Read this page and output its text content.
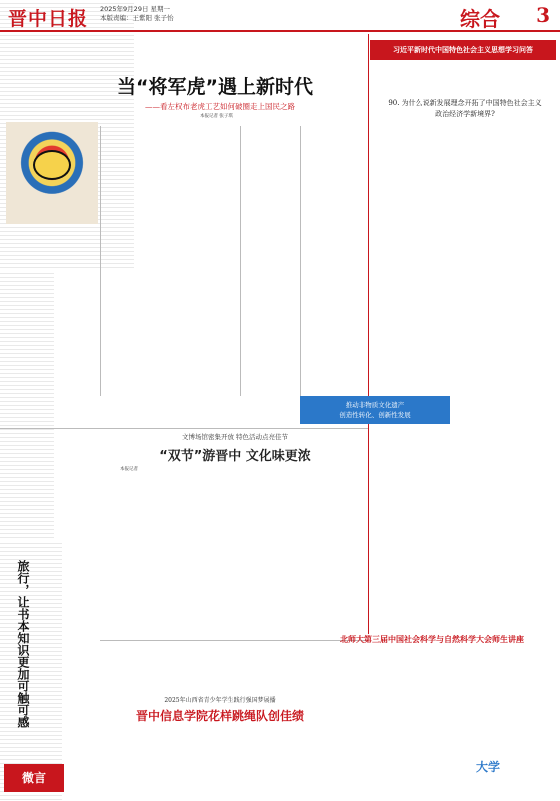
晋中日报 2025年9月29日 星期一
本版责编：王紫阳 张子怡	综合 3
当“将军虎”遇上新时代
——看左权布老虎工艺如何破圈走上国民之路
本报记者 张子琪
习近平新时代中国特色社会主义思想学习问答
90. 为什么说新发展理念开拓了中国特色社会主义政治经济学新境界?
推动非物质文化遗产
创造性转化、创新性发展
文博场馆密集开放 特色活动点亮佳节
“双节”游晋中 文化味更浓
本报记者
旅行，让书本知识更加可触可感	北师大第三届中国社会科学与自然科学大会师生讲座
2025年山西省青少年学生践行强国梦展播
晋中信息学院花样跳绳队创佳绩
微言
大学
